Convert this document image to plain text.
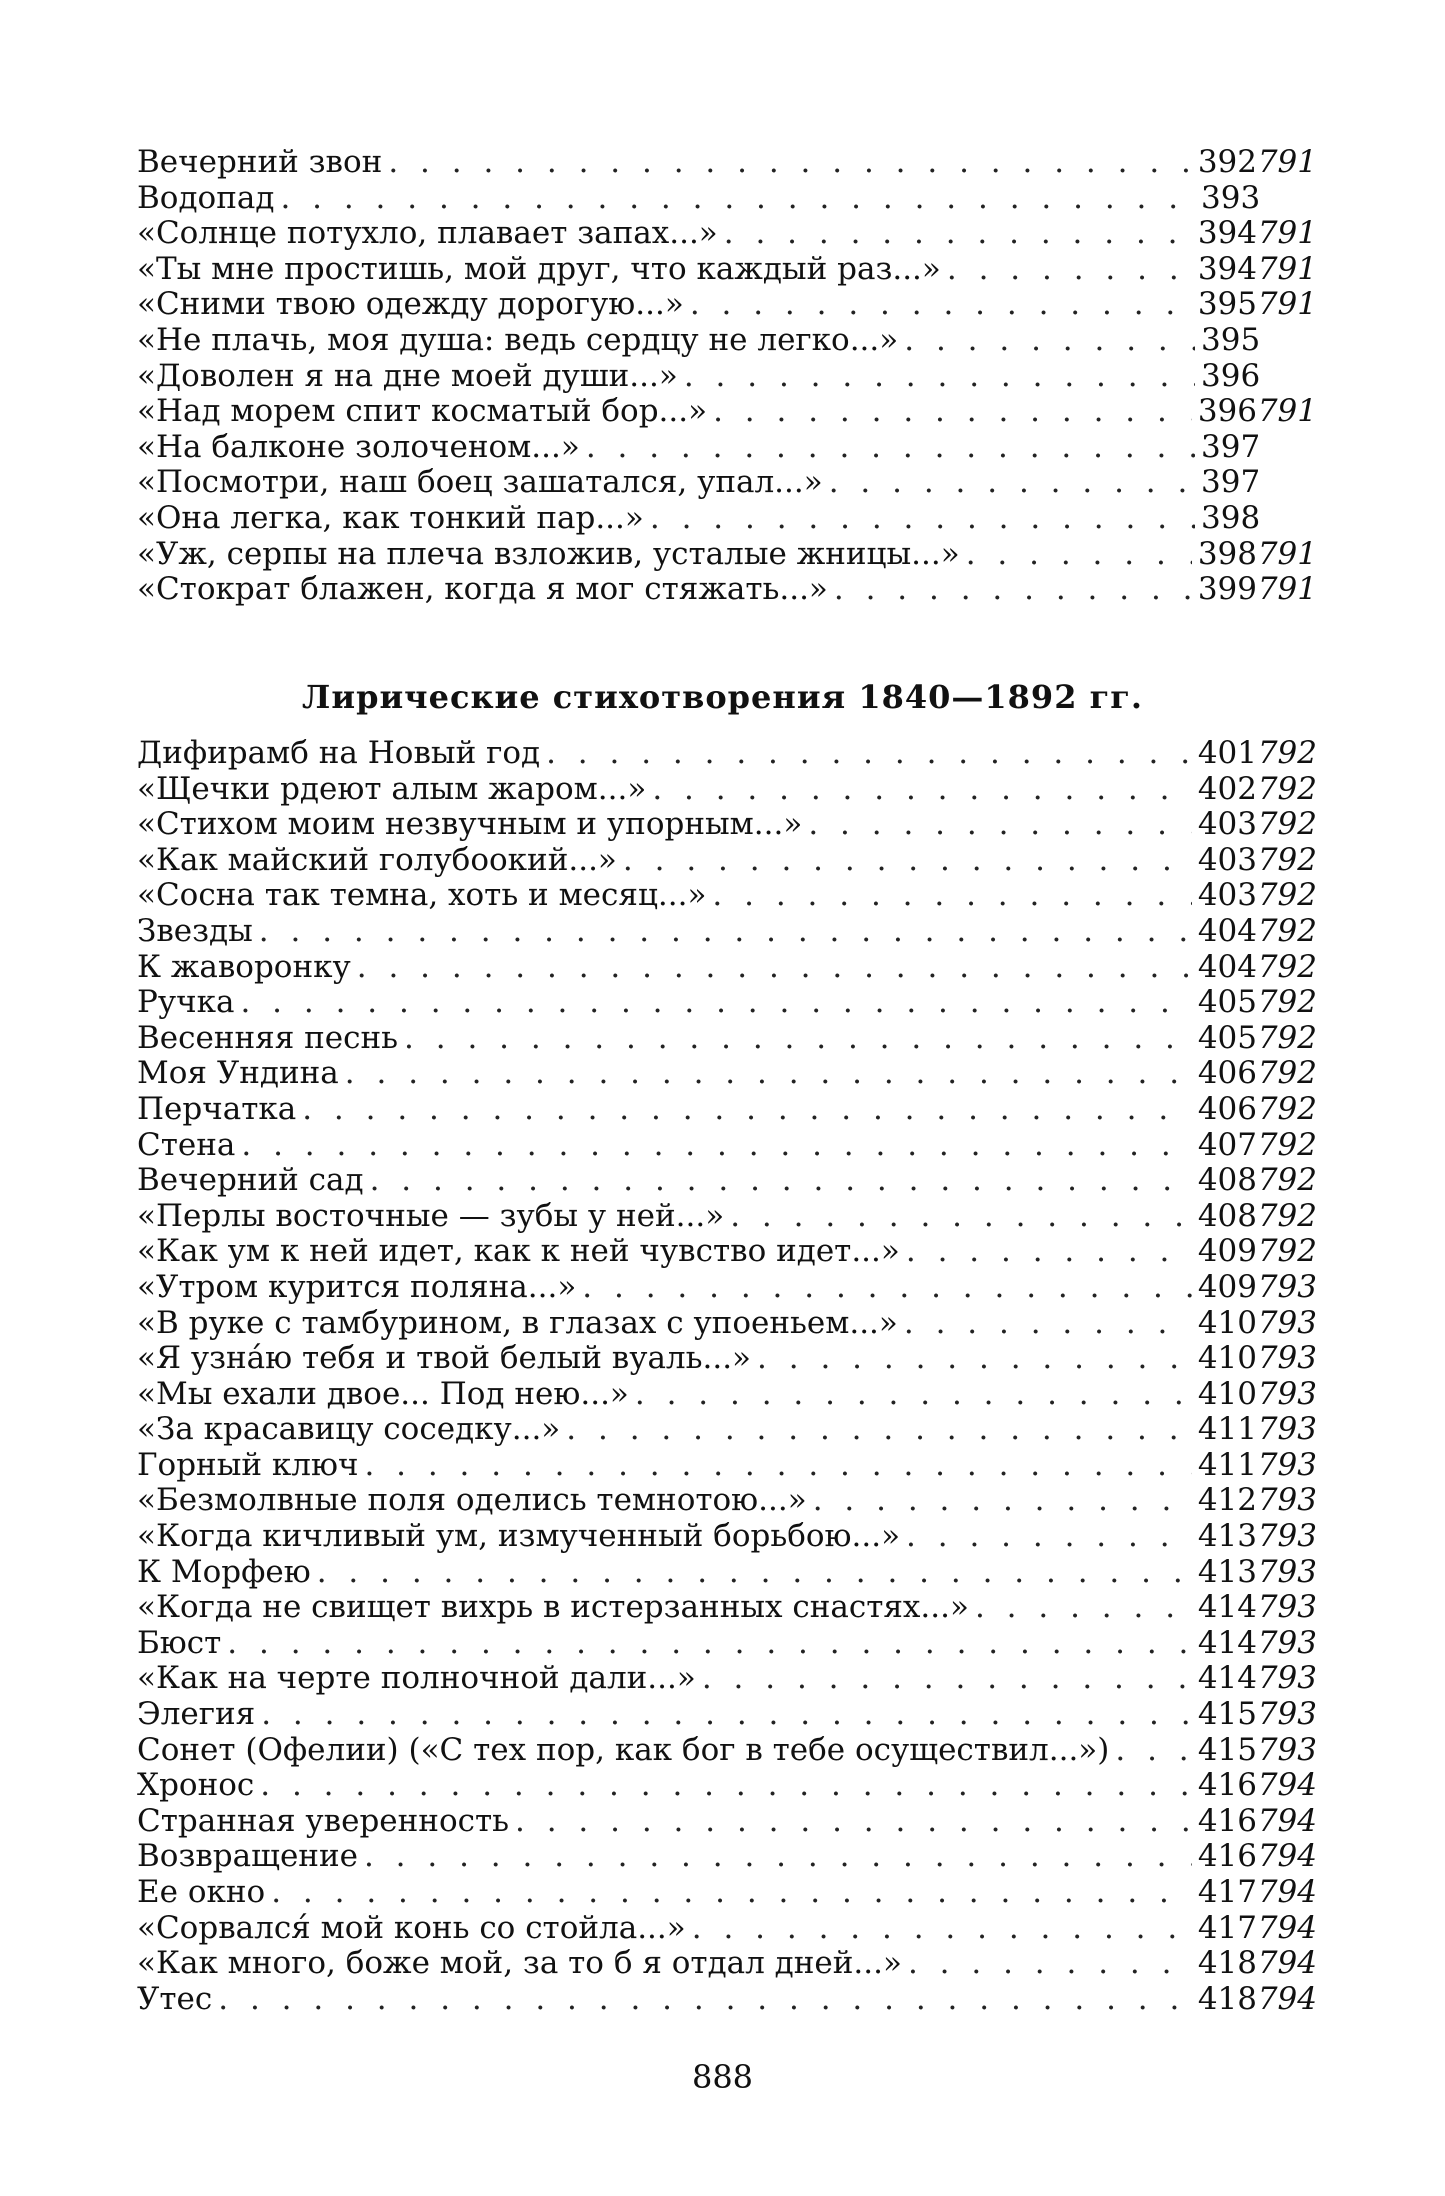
Вечерний звон . . .	392 791
Водопад . . .	393
«Солнце потухло, плавает запах...» . . .	394 791
«Ты мне простишь, мой друг, что каждый раз...» . . .	394 791
«Сними твою одежду дорогую...» . . .	395 791
«Не плачь, моя душа: ведь сердцу не легко...» . . .	395
«Доволен я на дне моей души...» . . .	396
«Над морем спит косматый бор...» . . .	396 791
«На балконе золоченом...» . . .	397
«Посмотри, наш боец зашатался, упал...» . . .	397
«Она легка, как тонкий пар...» . . .	398
«Уж, серпы на плеча взложив, усталые жницы...» . . .	398 791
«Стократ блажен, когда я мог стяжать...» . . .	399 791
Лирические стихотворения 1840—1892 гг.
Дифирамб на Новый год . . .	401 792
«Щечки рдеют алым жаром...» . . .	402 792
«Стихом моим незвучным и упорным...» . . .	403 792
«Как майский голубоокий...» . . .	403 792
«Сосна так темна, хоть и месяц...» . . .	403 792
Звезды . . .	404 792
К жаворонку . . .	404 792
Ручка . . .	405 792
Весенняя песнь . . .	405 792
Моя Ундина . . .	406 792
Перчатка . . .	406 792
Стена . . .	407 792
Вечерний сад . . .	408 792
«Перлы восточные — зубы у ней...» . . .	408 792
«Как ум к ней идет, как к ней чувство идет...» . . .	409 792
«Утром курится поляна...» . . .	409 793
«В руке с тамбурином, в глазах с упоеньем...» . . .	410 793
«Я узна́ю тебя и твой белый вуаль...» . . .	410 793
«Мы ехали двое... Под нею...» . . .	410 793
«За красавицу соседку...» . . .	411 793
Горный ключ . . .	411 793
«Безмолвные поля оделись темнотою...» . . .	412 793
«Когда кичливый ум, измученный борьбою...» . . .	413 793
К Морфею . . .	413 793
«Когда не свищет вихрь в истерзанных снастях...» . . .	414 793
Бюст . . .	414 793
«Как на черте полночной дали...» . . .	414 793
Элегия . . .	415 793
Сонет (Офелии) («С тех пор, как бог в тебе осуществил...») . . .	415 793
Хронос . . .	416 794
Странная уверенность . . .	416 794
Возвращение . . .	416 794
Ее окно . . .	417 794
«Сорвался́ мой конь со стойла...» . . .	417 794
«Как много, боже мой, за то б я отдал дней...» . . .	418 794
Утес . . .	418 794
888
